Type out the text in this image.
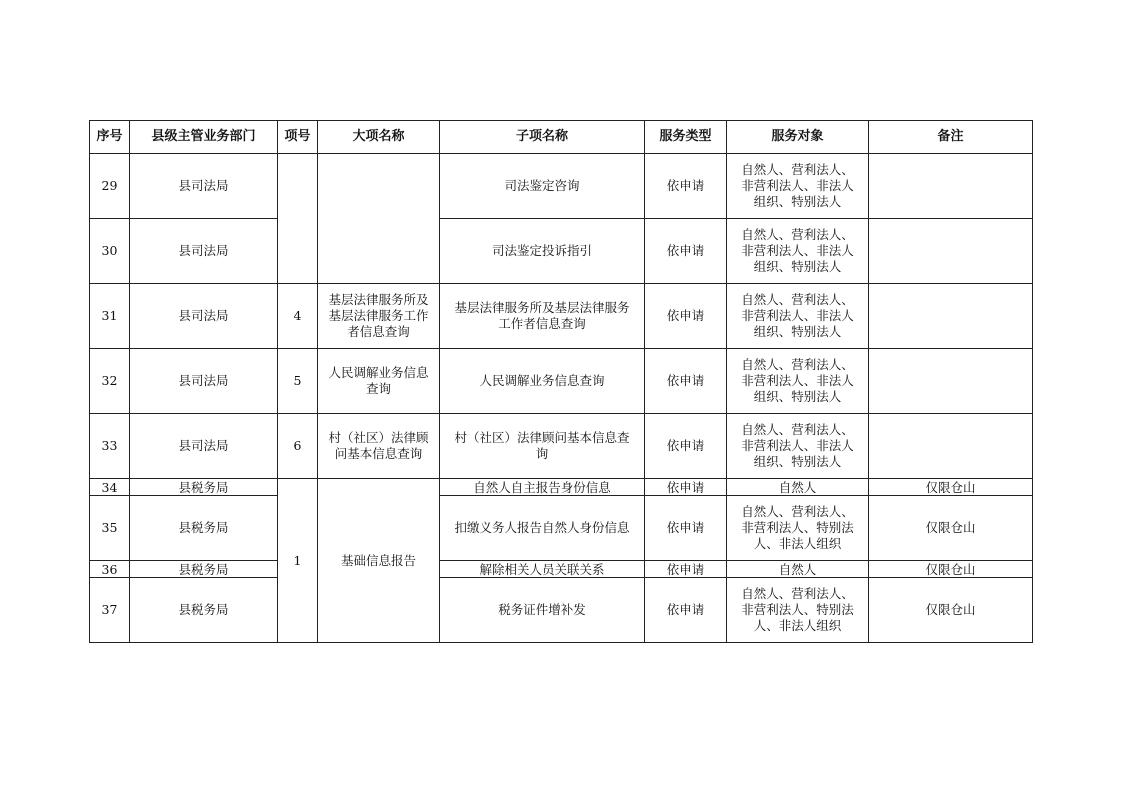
序号	县级主管业务部门	项号	大项名称	子项名称	服务类型	服务对象	备注
29	县司法局			司法鉴定咨询	依申请	自然人、营利法人、
非营利法人、非法人
组织、特别法人	
30	县司法局			司法鉴定投诉指引	依申请	自然人、营利法人、
非营利法人、非法人
组织、特别法人	
31	县司法局	4	基层法律服务所及
基层法律服务工作
者信息查询	基层法律服务所及基层法律服务
工作者信息查询	依申请	自然人、营利法人、
非营利法人、非法人
组织、特别法人	
32	县司法局	5	人民调解业务信息
查询	人民调解业务信息查询	依申请	自然人、营利法人、
非营利法人、非法人
组织、特别法人	
33	县司法局	6	村（社区）法律顾
问基本信息查询	村（社区）法律顾问基本信息查
询	依申请	自然人、营利法人、
非营利法人、非法人
组织、特别法人	
34	县税务局	1	基础信息报告	自然人自主报告身份信息	依申请	自然人	仅限仓山
35	县税务局			扣缴义务人报告自然人身份信息	依申请	自然人、营利法人、
非营利法人、特别法
人、非法人组织	仅限仓山
36	县税务局			解除相关人员关联关系	依申请	自然人	仅限仓山
37	县税务局			税务证件增补发	依申请	自然人、营利法人、
非营利法人、特别法
人、非法人组织	仅限仓山
